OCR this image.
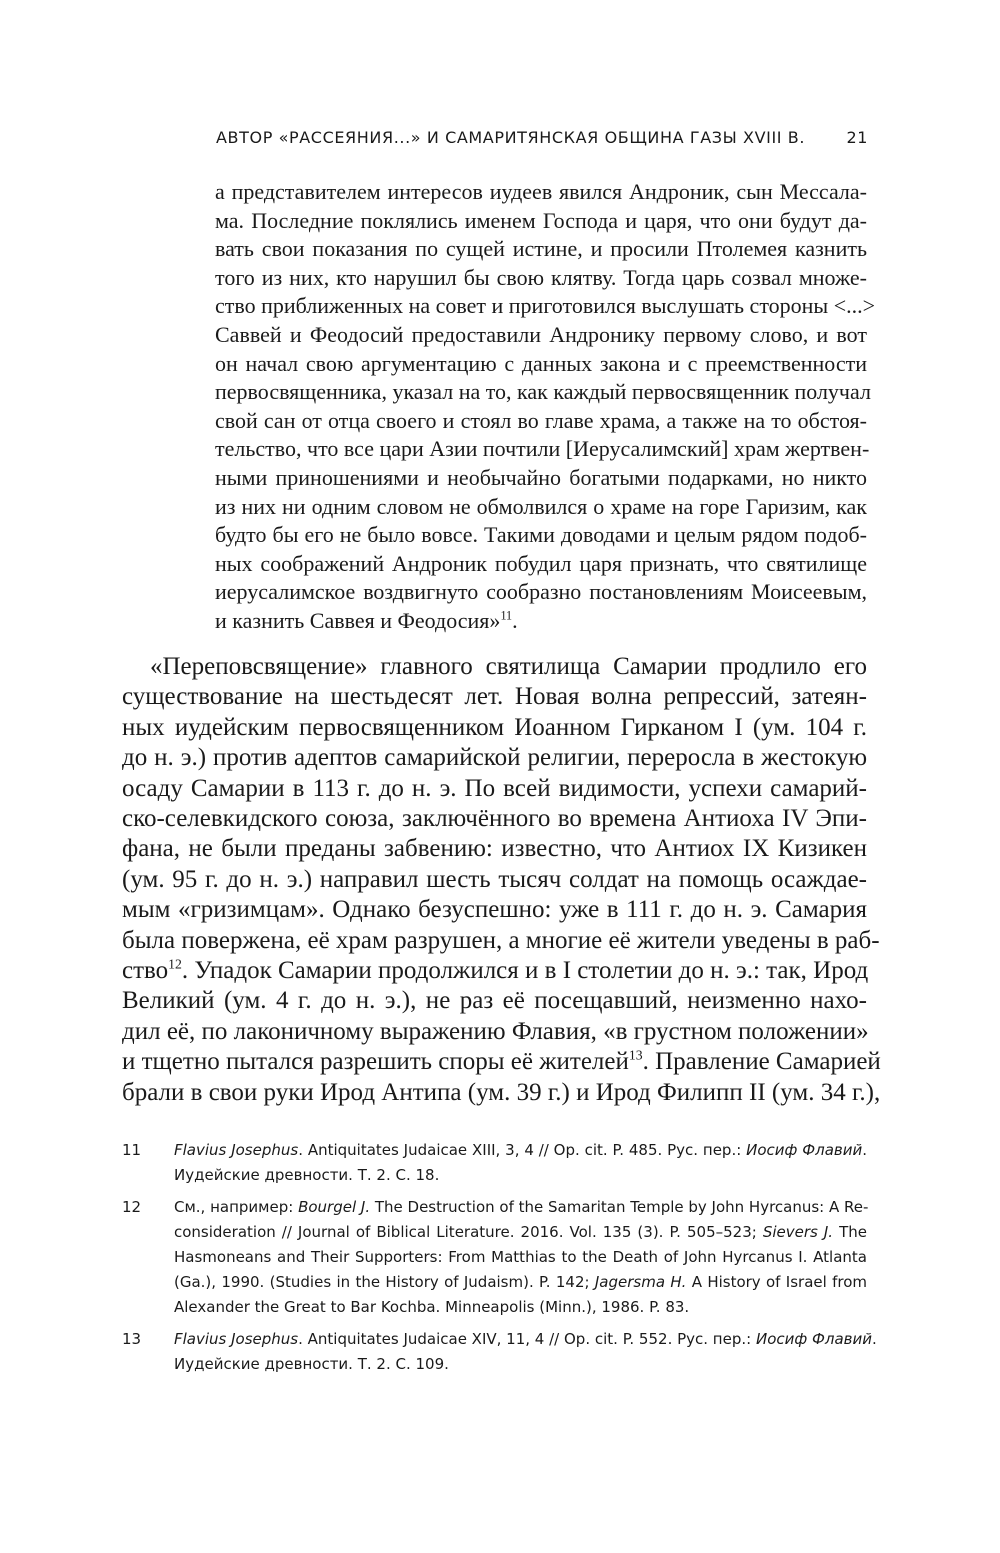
АВТОР «РАССЕЯНИЯ...» И САМАРИТЯНСКАЯ ОБЩИНА ГАЗЫ XVIII В.	21
а представителем интересов иудеев явился Андроник, сын Мессала-
ма. Последние поклялись именем Господа и царя, что они будут да-
вать свои показания по сущей истине, и просили Птолемея казнить
того из них, кто нарушил бы свою клятву. Тогда царь созвал множе-
ство приближенных на совет и приготовился выслушать стороны <...>
Саввей и Феодосий предоставили Андронику первому слово, и вот
он начал свою аргументацию с данных закона и с преемственности
первосвященника, указал на то, как каждый первосвященник получал
свой сан от отца своего и стоял во главе храма, а также на то обстоя-
тельство, что все цари Азии почтили [Иерусалимский] храм жертвен-
ными приношениями и необычайно богатыми подарками, но никто
из них ни одним словом не обмолвился о храме на горе Гаризим, как
будто бы его не было вовсе. Такими доводами и целым рядом подоб-
ных соображений Андроник побудил царя признать, что святилище
иерусалимское воздвигнуто сообразно постановлениям Моисеевым,
и казнить Саввея и Феодосия»$^{11}$.
«Переповсвящение» главного святилища Самарии продлило его
существование на шестьдесят лет. Новая волна репрессий, затеян-
ных иудейским первосвященником Иоанном Гирканом I (ум. 104 г.
до н. э.) против адептов самарийской религии, переросла в жестокую
осаду Самарии в 113 г. до н. э. По всей видимости, успехи самарий-
ско-селевкидского союза, заключённого во времена Антиоха IV Эпи-
фана, не были преданы забвению: известно, что Антиох IX Кизикен
(ум. 95 г. до н. э.) направил шесть тысяч солдат на помощь осаждае-
мым «гризимцам». Однако безуспешно: уже в 111 г. до н. э. Самария
была повержена, её храм разрушен, а многие её жители уведены в раб-
ство$^{12}$. Упадок Самарии продолжился и в I столетии до н. э.: так, Ирод
Великий (ум. 4 г. до н. э.), не раз её посещавший, неизменно нахо-
дил её, по лаконичному выражению Флавия, «в грустном положении»
и тщетно пытался разрешить споры её жителей$^{13}$. Правление Самарией
брали в свои руки Ирод Антипа (ум. 39 г.) и Ирод Филипп II (ум. 34 г.),
11 Flavius Josephus. Antiquitates Judaicae XIII, 3, 4 // Op. cit. P. 485. Рус. пер.: Иосиф Флавий.
Иудейские древности. Т. 2. С. 18.
12 См., например: Bourgel J. The Destruction of the Samaritan Temple by John Hyrcanus: A Re-
consideration // Journal of Biblical Literature. 2016. Vol. 135 (3). P. 505–523; Sievers J. The
Hasmoneans and Their Supporters: From Matthias to the Death of John Hyrcanus I. Atlanta
(Ga.), 1990. (Studies in the History of Judaism). P. 142; Jagersma H. A History of Israel from
Alexander the Great to Bar Kochba. Minneapolis (Minn.), 1986. P. 83.
13 Flavius Josephus. Antiquitates Judaicae XIV, 11, 4 // Op. cit. P. 552. Рус. пер.: Иосиф Флавий.
Иудейские древности. Т. 2. С. 109.
